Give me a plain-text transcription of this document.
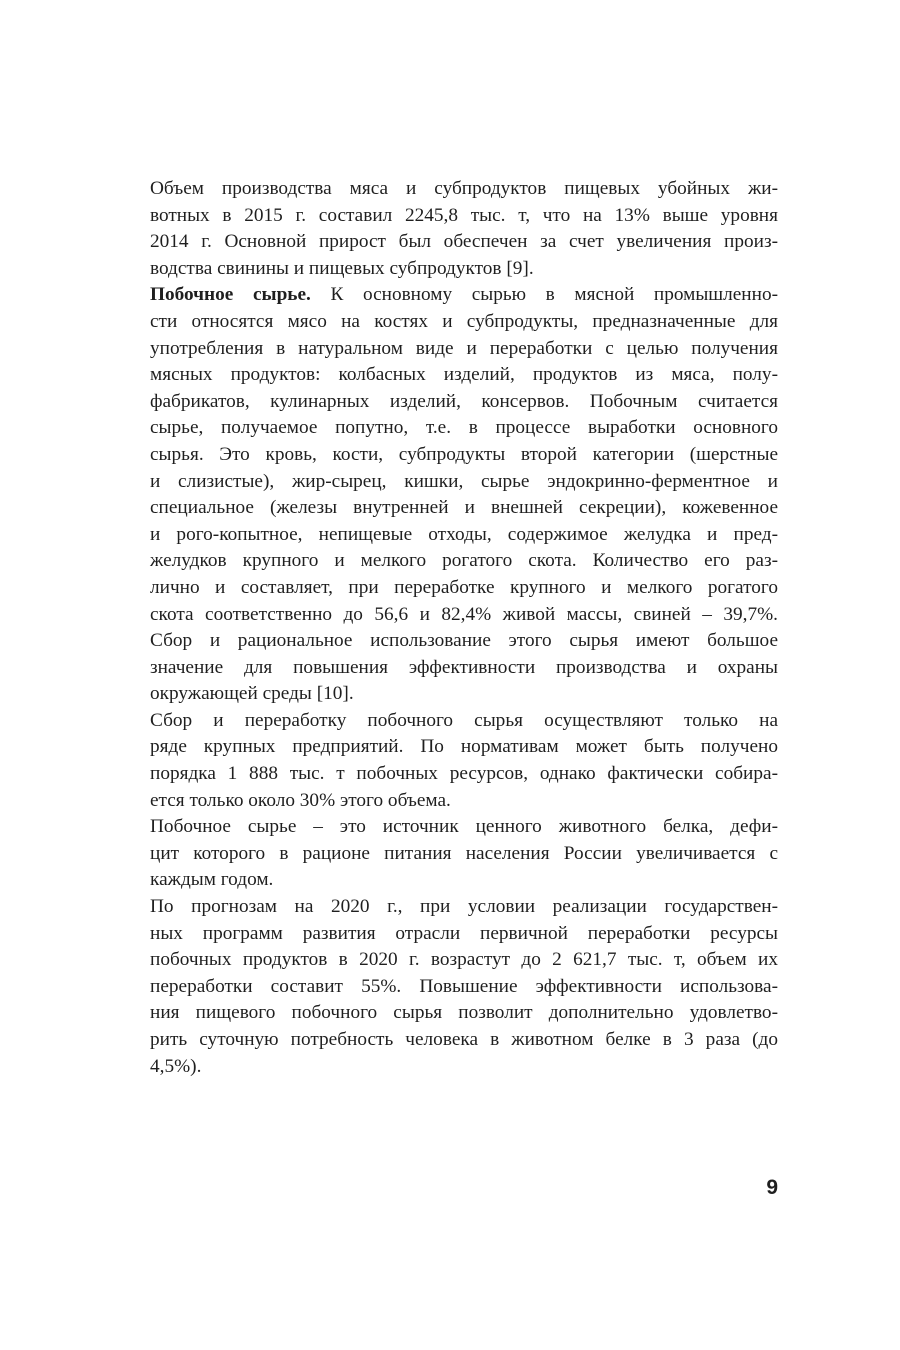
Объем производства мяса и субпродуктов пищевых убойных жи-
вотных в 2015 г. составил 2245,8 тыс. т, что на 13% выше уровня
2014 г. Основной прирост был обеспечен за счет увеличения произ-
водства свинины и пищевых субпродуктов [9].

Побочное сырье. К основному сырью в мясной промышленно-
сти относятся мясо на костях и субпродукты, предназначенные для
употребления в натуральном виде и переработки с целью получения
мясных продуктов: колбасных изделий, продуктов из мяса, полу-
фабрикатов, кулинарных изделий, консервов. Побочным считается
сырье, получаемое попутно, т.е. в процессе выработки основного
сырья. Это кровь, кости, субпродукты второй категории (шерстные
и слизистые), жир-сырец, кишки, сырье эндокринно-ферментное и
специальное (железы внутренней и внешней секреции), кожевенное
и рого-копытное, непищевые отходы, содержимое желудка и пред-
желудков крупного и мелкого рогатого скота. Количество его раз-
лично и составляет, при переработке крупного и мелкого рогатого
скота соответственно до 56,6 и 82,4% живой массы, свиней – 39,7%.
Сбор и рациональное использование этого сырья имеют большое
значение для повышения эффективности производства и охраны
окружающей среды [10].

Сбор и переработку побочного сырья осуществляют только на
ряде крупных предприятий. По нормативам может быть получено
порядка 1 888 тыс. т побочных ресурсов, однако фактически собира-
ется только около 30% этого объема.

Побочное сырье – это источник ценного животного белка, дефи-
цит которого в рационе питания населения России увеличивается с
каждым годом.

По прогнозам на 2020 г., при условии реализации государствен-
ных программ развития отрасли первичной переработки ресурсы
побочных продуктов в 2020 г. возрастут до 2 621,7 тыс. т, объем их
переработки составит 55%. Повышение эффективности использова-
ния пищевого побочного сырья позволит дополнительно удовлетво-
рить суточную потребность человека в животном белке в 3 раза (до
4,5%).

9
